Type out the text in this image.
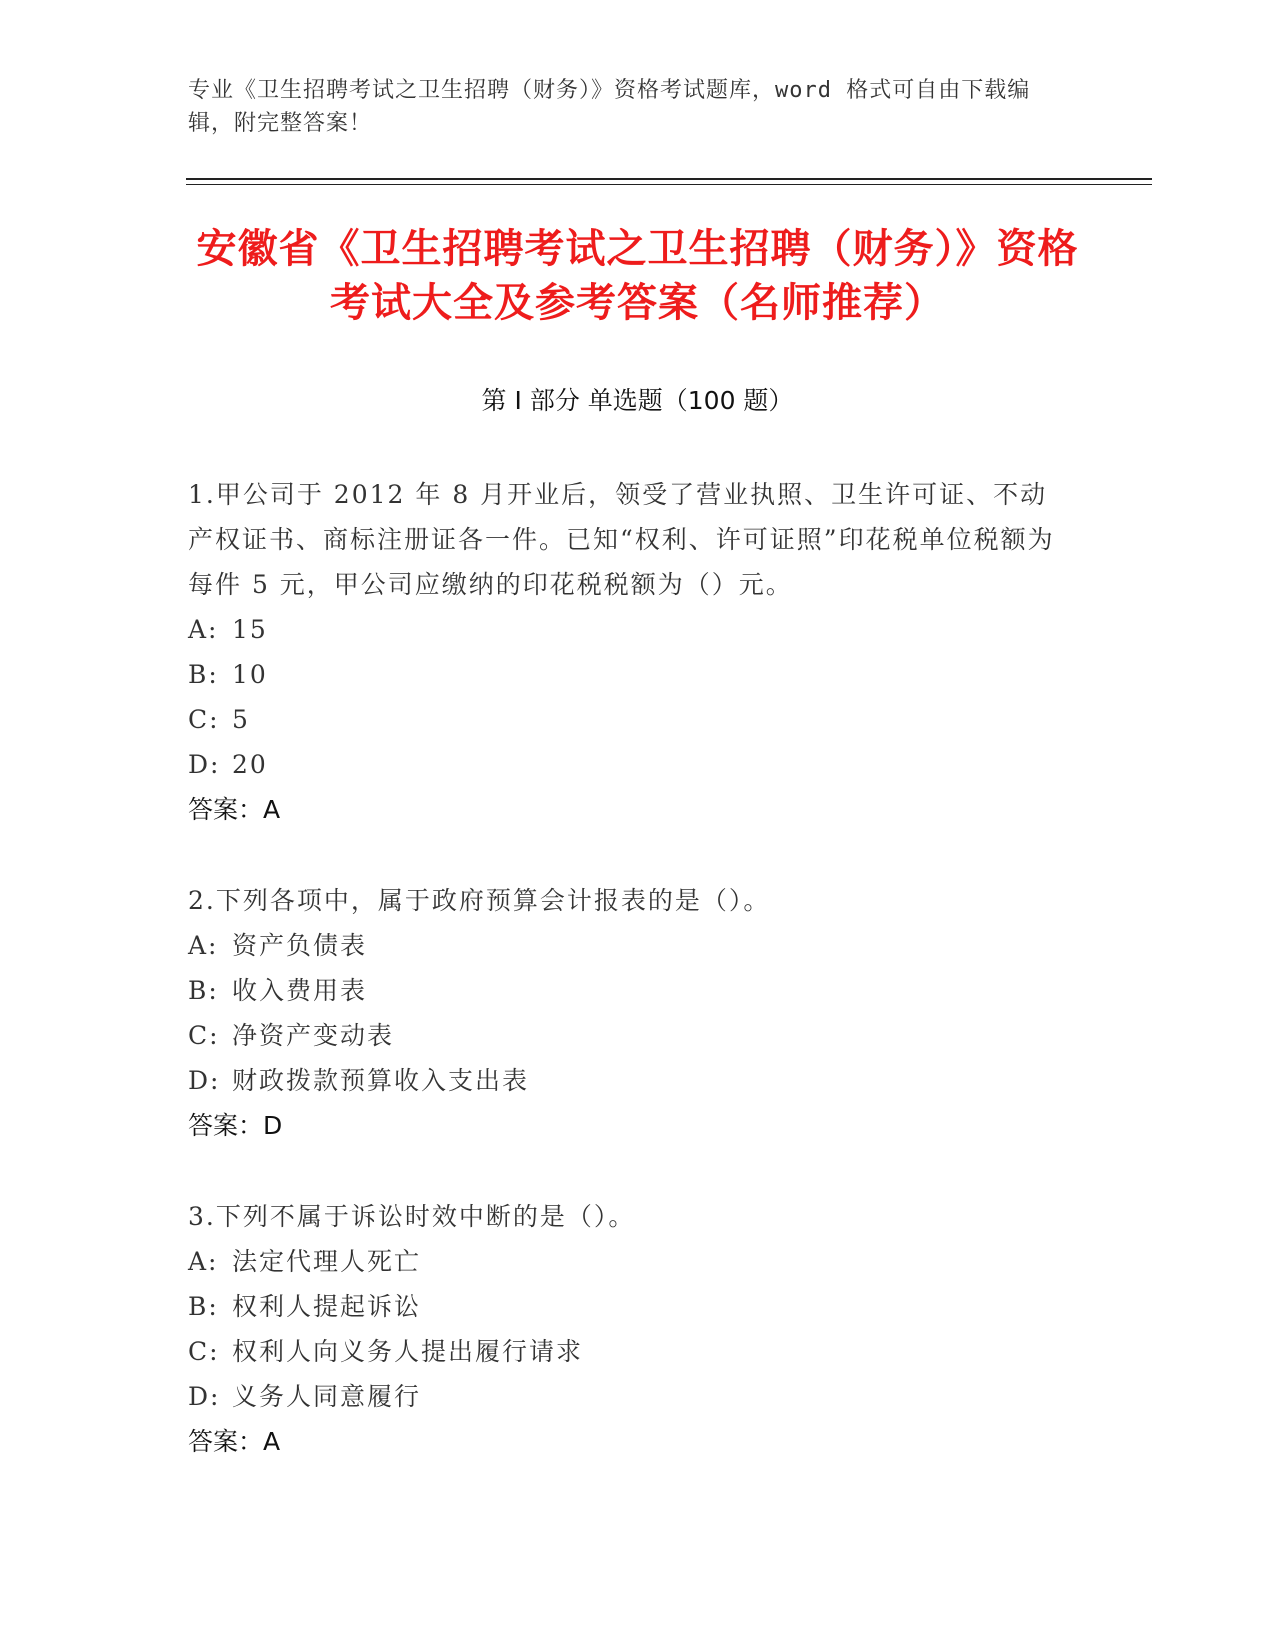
专业《卫生招聘考试之卫生招聘（财务）》资格考试题库，word 格式可自由下载编辑，附完整答案！
安徽省《卫生招聘考试之卫生招聘（财务）》资格考试大全及参考答案（名师推荐）
第 I 部分 单选题（100 题）
1.甲公司于 2012 年 8 月开业后，领受了营业执照、卫生许可证、不动产权证书、商标注册证各一件。已知“权利、许可证照”印花税单位税额为每件 5 元，甲公司应缴纳的印花税税额为（）元。
A: 15
B: 10
C: 5
D: 20
答案：A
2.下列各项中，属于政府预算会计报表的是（）。
A: 资产负债表
B: 收入费用表
C: 净资产变动表
D: 财政拨款预算收入支出表
答案：D
3.下列不属于诉讼时效中断的是（）。
A: 法定代理人死亡
B: 权利人提起诉讼
C: 权利人向义务人提出履行请求
D: 义务人同意履行
答案：A
